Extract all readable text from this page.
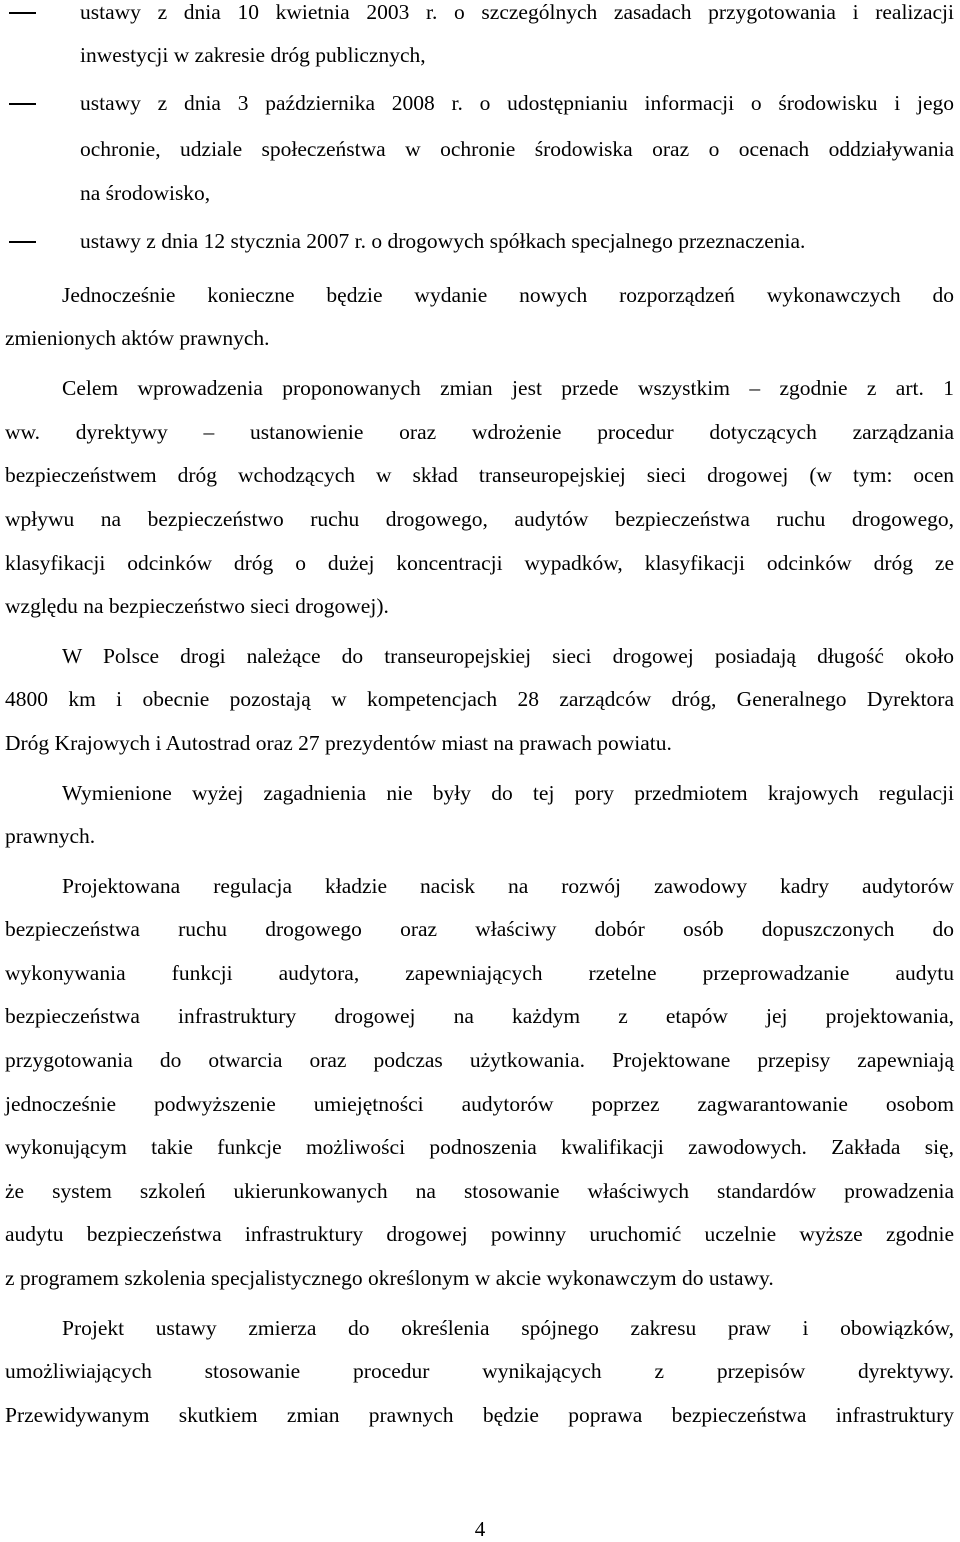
ustawy z dnia 10 kwietnia 2003 r. o szczególnych zasadach przygotowania i realizacji
inwestycji w zakresie dróg publicznych,
ustawy z dnia 3 października 2008 r. o udostępnianiu informacji o środowisku i jego
ochronie, udziale społeczeństwa w ochronie środowiska oraz o ocenach oddziaływania
na środowisko,
ustawy z dnia 12 stycznia 2007 r. o drogowych spółkach specjalnego przeznaczenia.
Jednocześnie konieczne będzie wydanie nowych rozporządzeń wykonawczych do
zmienionych aktów prawnych.
Celem wprowadzenia proponowanych zmian jest przede wszystkim – zgodnie z art. 1
ww. dyrektywy – ustanowienie oraz wdrożenie procedur dotyczących zarządzania
bezpieczeństwem dróg wchodzących w skład transeuropejskiej sieci drogowej (w tym: ocen
wpływu na bezpieczeństwo ruchu drogowego, audytów bezpieczeństwa ruchu drogowego,
klasyfikacji odcinków dróg o dużej koncentracji wypadków, klasyfikacji odcinków dróg ze
względu na bezpieczeństwo sieci drogowej).
W Polsce drogi należące do transeuropejskiej sieci drogowej posiadają długość około
4800 km i obecnie pozostają w kompetencjach 28 zarządców dróg, Generalnego Dyrektora
Dróg Krajowych i Autostrad oraz 27 prezydentów miast na prawach powiatu.
Wymienione wyżej zagadnienia nie były do tej pory przedmiotem krajowych regulacji
prawnych.
Projektowana regulacja kładzie nacisk na rozwój zawodowy kadry audytorów
bezpieczeństwa ruchu drogowego oraz właściwy dobór osób dopuszczonych do
wykonywania funkcji audytora, zapewniających rzetelne przeprowadzanie audytu
bezpieczeństwa infrastruktury drogowej na każdym z etapów jej projektowania,
przygotowania do otwarcia oraz podczas użytkowania. Projektowane przepisy zapewniają
jednocześnie podwyższenie umiejętności audytorów poprzez zagwarantowanie osobom
wykonującym takie funkcje możliwości podnoszenia kwalifikacji zawodowych. Zakłada się,
że system szkoleń ukierunkowanych na stosowanie właściwych standardów prowadzenia
audytu bezpieczeństwa infrastruktury drogowej powinny uruchomić uczelnie wyższe zgodnie
z programem szkolenia specjalistycznego określonym w akcie wykonawczym do ustawy.
Projekt ustawy zmierza do określenia spójnego zakresu praw i obowiązków,
umożliwiających stosowanie procedur wynikających z przepisów dyrektywy.
Przewidywanym skutkiem zmian prawnych będzie poprawa bezpieczeństwa infrastruktury
4
